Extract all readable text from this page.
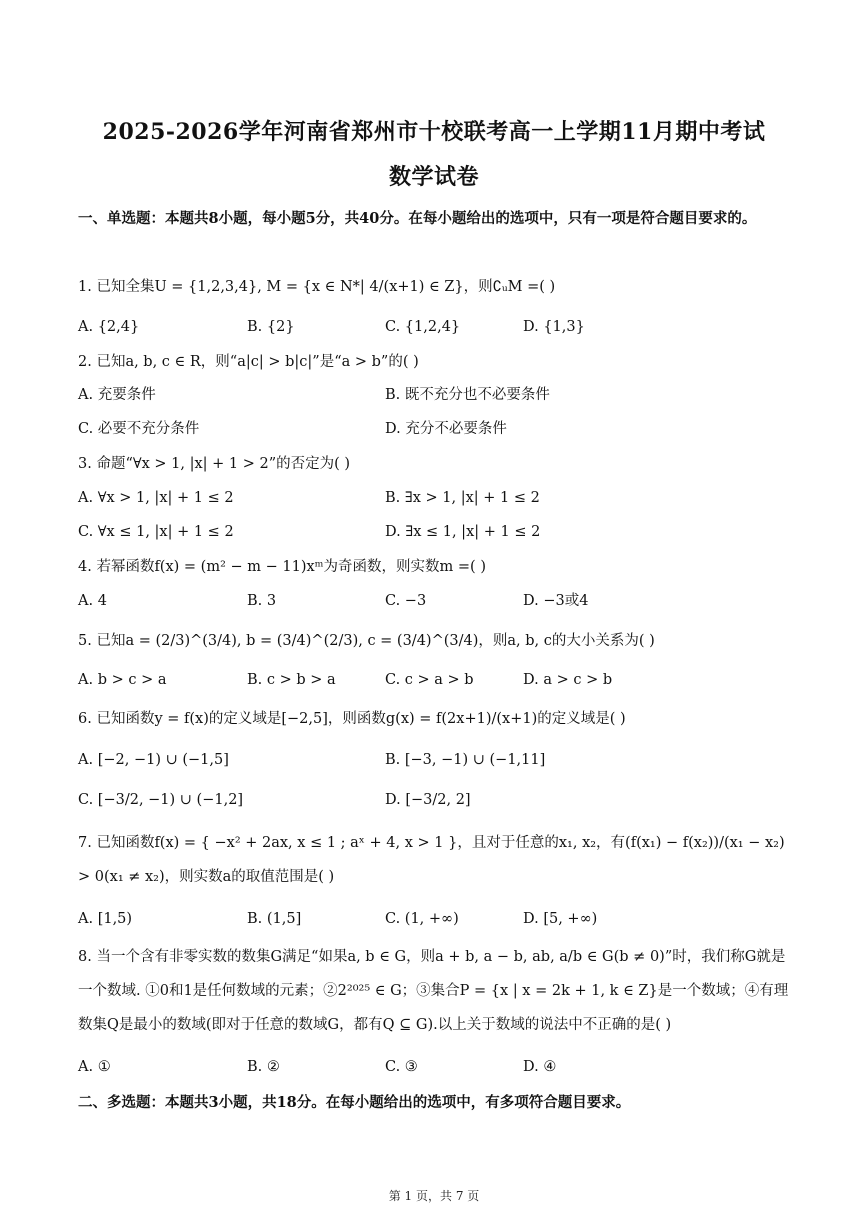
2025-2026学年河南省郑州市十校联考高一上学期11月期中考试
数学试卷
一、单选题：本题共8小题，每小题5分，共40分。在每小题给出的选项中，只有一项是符合题目要求的。
1. 已知全集U = {1,2,3,4}, M = {x ∈ N*| 4/(x+1) ∈ Z}，则∁ᵤM =( )
A. {2,4}	B. {2}	C. {1,2,4}	D. {1,3}
2. 已知a, b, c ∈ R，则“a|c| > b|c|”是“a > b”的( )
A. 充要条件	B. 既不充分也不必要条件
C. 必要不充分条件	D. 充分不必要条件
3. 命题“∀x > 1, |x| + 1 > 2”的否定为( )
A. ∀x > 1, |x| + 1 ≤ 2	B. ∃x > 1, |x| + 1 ≤ 2
C. ∀x ≤ 1, |x| + 1 ≤ 2	D. ∃x ≤ 1, |x| + 1 ≤ 2
4. 若幂函数f(x) = (m² − m − 11)xᵐ为奇函数，则实数m =( )
A. 4	B. 3	C. −3	D. −3或4
5. 已知a = (2/3)^(3/4), b = (3/4)^(2/3), c = (3/4)^(3/4)，则a, b, c的大小关系为( )
A. b > c > a	B. c > b > a	C. c > a > b	D. a > c > b
6. 已知函数y = f(x)的定义域是[−2,5]，则函数g(x) = f(2x+1)/(x+1)的定义域是( )
A. [−2, −1) ∪ (−1,5]	B. [−3, −1) ∪ (−1,11]
C. [−3/2, −1) ∪ (−1,2]	D. [−3/2, 2]
7. 已知函数f(x) = { −x² + 2ax, x ≤ 1 ; aˣ + 4, x > 1 }，且对于任意的x₁, x₂，有(f(x₁) − f(x₂))/(x₁ − x₂) > 0(x₁ ≠ x₂)，则实数a的取值范围是( )
A. [1,5)	B. (1,5]	C. (1, +∞)	D. [5, +∞)
8. 当一个含有非零实数的数集G满足“如果a, b ∈ G，则a + b, a − b, ab, a/b ∈ G(b ≠ 0)”时，我们称G就是一个数域. ①0和1是任何数域的元素；②2²⁰²⁵ ∈ G；③集合P = {x | x = 2k + 1, k ∈ Z}是一个数域；④有理数集Q是最小的数域(即对于任意的数域G，都有Q ⊆ G).以上关于数域的说法中不正确的是( )
A. ①	B. ②	C. ③	D. ④
二、多选题：本题共3小题，共18分。在每小题给出的选项中，有多项符合题目要求。
第 1 页，共 7 页
